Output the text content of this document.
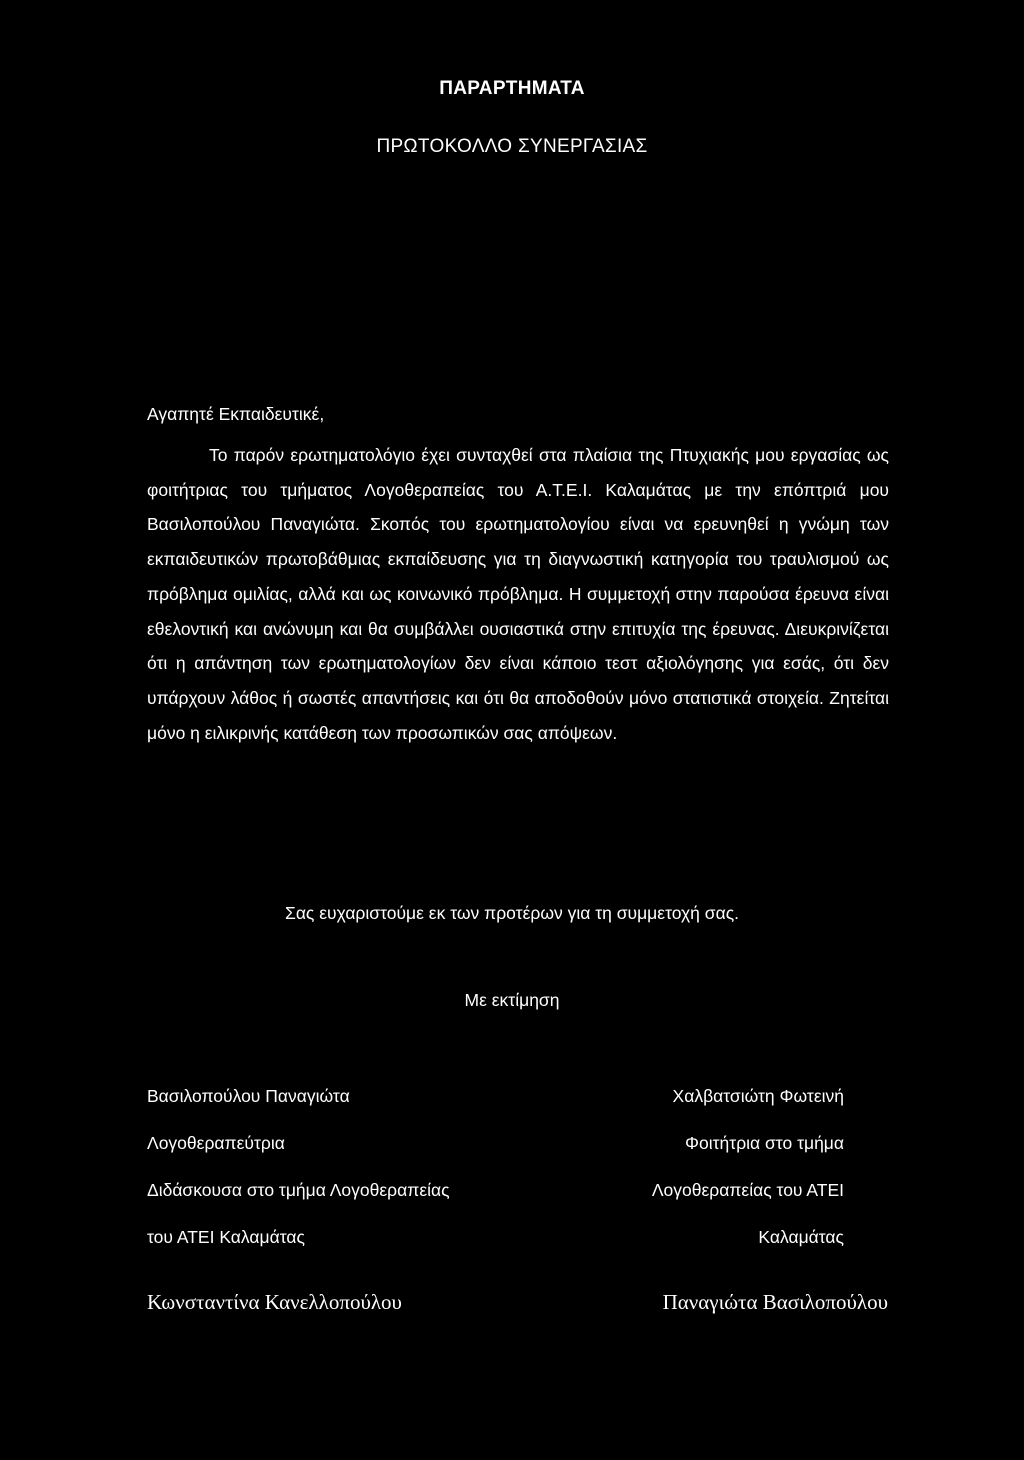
ΠΑΡΑΡΤΗΜΑΤΑ
ΠΡΩΤΟΚΟΛΛΟ ΣΥΝΕΡΓΑΣΙΑΣ
Αγαπητέ Εκπαιδευτικέ,

Το παρόν ερωτηματολόγιο έχει συνταχθεί στα πλαίσια της Πτυχιακής μου εργασίας ως φοιτήτριας του τμήματος Λογοθεραπείας του Α.Τ.Ε.Ι. Καλαμάτας με την επόπτριά μου Βασιλοπούλου Παναγιώτα. Σκοπός του ερωτηματολογίου είναι να ερευνηθεί η γνώμη των εκπαιδευτικών πρωτοβάθμιας εκπαίδευσης για τη διαγνωστική κατηγορία του τραυλισμού ως πρόβλημα ομιλίας, αλλά και ως κοινωνικό πρόβλημα. Η συμμετοχή στην παρούσα έρευνα είναι εθελοντική και ανώνυμη και θα συμβάλλει ουσιαστικά στην επιτυχία της έρευνας. Διευκρινίζεται ότι η απάντηση των ερωτηματολογίων δεν είναι κάποιο τεστ αξιολόγησης για εσάς, ότι δεν υπάρχουν λάθος ή σωστές απαντήσεις και ότι θα αποδοθούν μόνο στατιστικά στοιχεία. Ζητείται μόνο η ειλικρινής κατάθεση των προσωπικών σας απόψεων.

Σας ευχαριστούμε εκ των προτέρων για τη συμμετοχή σας.
Με εκτίμηση
Βασιλοπούλου Παναγιώτα
Λογοθεραπεύτρια
Διδάσκουσα στο τμήμα Λογοθεραπείας
του ΑΤΕΙ Καλαμάτας
Χαλβατσιώτη Φωτεινή
Φοιτήτρια στο τμήμα
Λογοθεραπείας του ΑΤΕΙ
Καλαμάτας
Κωνσταντίνα Κανελλοπούλου	Παναγιώτα Βασιλοπούλου
